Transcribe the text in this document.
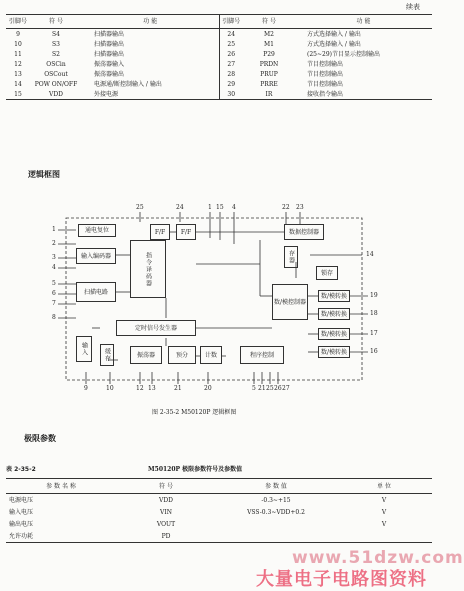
续表
引脚号	符 号	功 能	引脚号	符 号	功 能
9	S4	扫描器输出	24	M2	方式选择输入 / 输出
10	S3	扫描器输出	25	M1	方式选择输入 / 输出
11	S2	扫描器输出	26	P29	(25~29)节目显示控制输出
12	OSCin	振荡器输入	27	PRDN	节目控制输出
13	OSCout	振荡器输出	28	PRUP	节目控制输出
14	POW ON/OFF	电源通/断控制输入 / 输出	29	PRRE	节目控制输出
15	VDD	外接电源	30	IR	接收指令输出
逻辑框图
通电复位
输入编码器
扫描电路
指令译码器
F/F	F/F	数据控制器
存器
锁存
数/模控制器
数/模转换
数/模转换
数/模转换
数/模转换
定时信号发生器
输入	缓存	振荡器	预分	计数	程序控制
25	24	1 15 4	22 23
1
2
3
4
5
6
7
8
14
19
18
17
16
9	10	12 13	21	20	5 21 25 26 27
图 2-35-2 M50120P 逻辑框图
极限参数
表 2-35-2	M50120P 极限参数符号及参数值
参 数 名 称	符 号	参 数 值	单 位
电源电压	VDD	-0.3~+15	V
输入电压	VIN	VSS-0.3~VDD+0.2	V
输出电压	VOUT		V
允许功耗	PD		
www.51dzw.com
大量电子电路图资料
